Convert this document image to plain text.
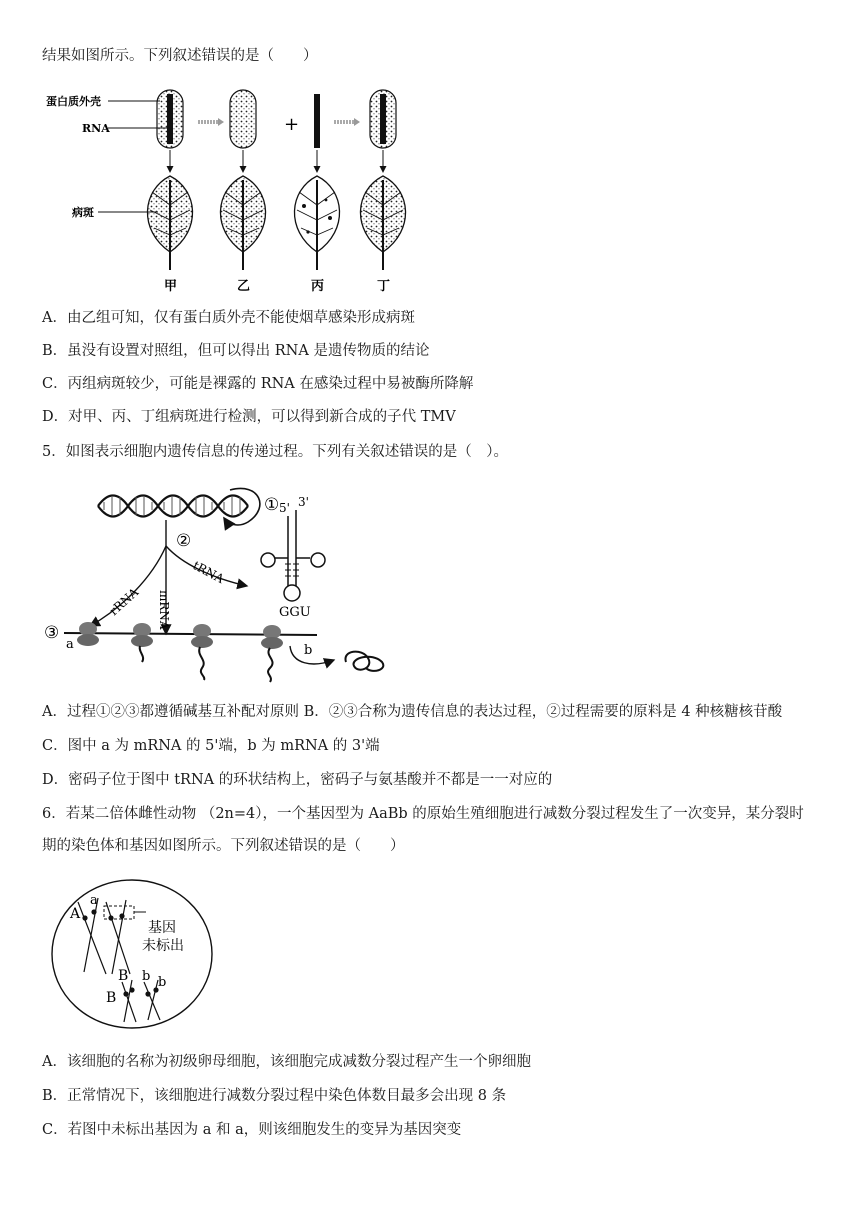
结果如图所示。下列叙述错误的是（　　）
蛋白质外壳
RNA
病斑
+
甲	乙	丙	丁
A．由乙组可知，仅有蛋白质外壳不能使烟草感染形成病斑
B．虽没有设置对照组，但可以得出 RNA 是遗传物质的结论
C．丙组病斑较少，可能是裸露的 RNA 在感染过程中易被酶所降解
D．对甲、丙、丁组病斑进行检测，可以得到新合成的子代 TMV
5．如图表示细胞内遗传信息的传递过程。下列有关叙述错误的是（　）。
①
②
rRNA mRNA
tRNA
5' 3'
GGU
③
a	b
A．过程①②③都遵循碱基互补配对原则 B．②③合称为遗传信息的表达过程，②过程需要的原料是 4 种核糖核苷酸
C．图中 a 为 mRNA 的 5'端，b 为 mRNA 的 3'端
D．密码子位于图中 tRNA 的环状结构上，密码子与氨基酸并不都是一一对应的
6．若某二倍体雌性动物 （2n=4），一个基因型为 AaBb 的原始生殖细胞进行减数分裂过程发生了一次变异，某分裂时
期的染色体和基因如图所示。下列叙述错误的是（　　）
A
a
基因
未标出
B b b
B
A．该细胞的名称为初级卵母细胞，该细胞完成减数分裂过程产生一个卵细胞
B．正常情况下，该细胞进行减数分裂过程中染色体数目最多会出现 8 条
C．若图中未标出基因为 a 和 a，则该细胞发生的变异为基因突变
